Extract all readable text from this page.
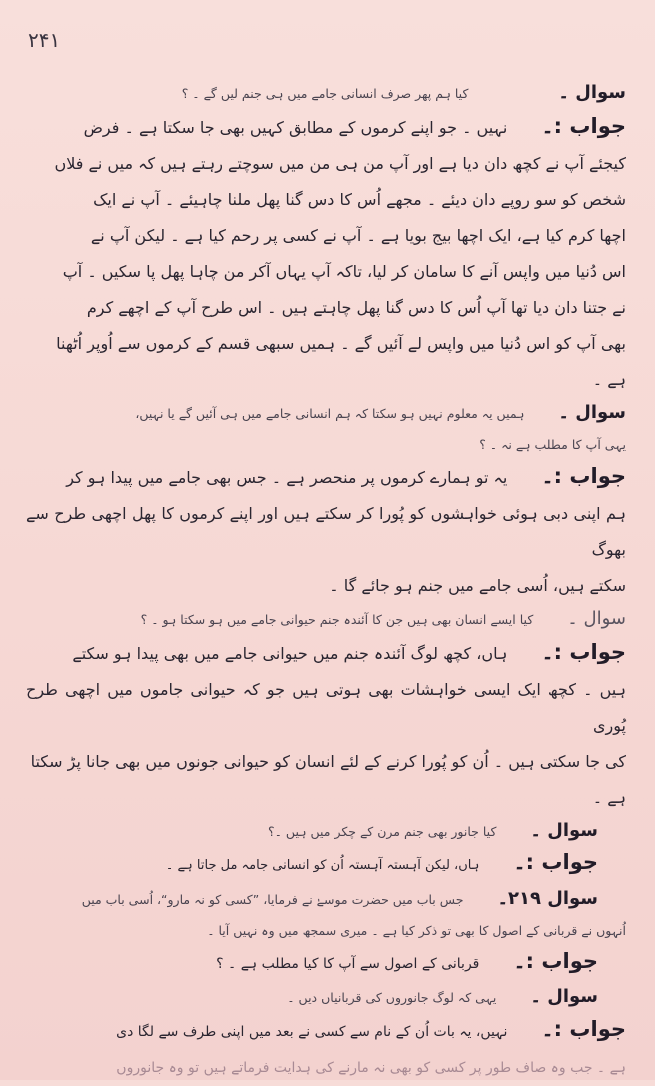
۲۴۱
سوال ۔
کیا ہم پھر صرف انسانی جامے میں ہی جنم لیں گے ۔ ؟
جواب :۔
نہیں ۔ جو اپنے کرموں کے مطابق کہیں بھی جا سکتا ہے ۔ فرض

کیجئے آپ نے کچھ دان دیا ہے اور آپ من ہی من میں سوچتے رہتے ہیں کہ میں نے فلاں

شخص کو سو روپے دان دیئے ۔ مجھے اُس کا دس گنا پھل ملنا چاہیئے ۔ آپ نے ایک

اچھا کرم کیا ہے، ایک اچھا بیج بویا ہے ۔ آپ نے کسی پر رحم کیا ہے ۔ لیکن آپ نے

اس دُنیا میں واپس آنے کا سامان کر لیا، تاکہ آپ یہاں آکر من چاہا پھل پا سکیں ۔ آپ

نے جتنا دان دیا تھا آپ اُس کا دس گنا پھل چاہتے ہیں ۔ اس طرح آپ کے اچھے کرم

بھی آپ کو اس دُنیا میں واپس لے آئیں گے ۔ ہمیں سبھی قسم کے کرموں سے اُوپر اُٹھنا

ہے ۔

سوال ۔
ہمیں یہ معلوم نہیں ہو سکتا کہ ہم انسانی جامے میں ہی آئیں گے یا نہیں،

یہی آپ کا مطلب ہے نہ ۔ ؟

جواب :۔
یہ تو ہمارے کرموں پر منحصر ہے ۔ جس بھی جامے میں پیدا ہو کر

ہم اپنی دبی ہوئی خواہشوں کو پُورا کر سکتے ہیں اور اپنے کرموں کا پھل اچھی طرح سے بھوگ

سکتے ہیں، اُسی جامے میں جنم ہو جائے گا ۔

سوال ۔
کیا ایسے انسان بھی ہیں جن کا آئندہ جنم حیوانی جامے میں ہو سکتا ہو ۔ ؟
جواب :۔
ہاں، کچھ لوگ آئندہ جنم میں حیوانی جامے میں بھی پیدا ہو سکتے

ہیں ۔ کچھ ایک ایسی خواہشات بھی ہوتی ہیں جو کہ حیوانی جاموں میں اچھی طرح پُوری

کی جا سکتی ہیں ۔ اُن کو پُورا کرنے کے لئے انسان کو حیوانی جونوں میں بھی جانا پڑ سکتا

ہے ۔

سوال ۔
کیا جانور بھی جنم مرن کے چکر میں ہیں ۔؟
جواب :۔
ہاں، لیکن آہستہ آہستہ اُن کو انسانی جامہ مل جاتا ہے ۔
سوال ۲۱۹۔
جس باب میں حضرت موسےٰ نے فرمایا، ”کسی کو نہ مارو“، اُسی باب میں

اُنہوں نے قربانی کے اصول کا بھی تو ذکر کیا ہے ۔ میری سمجھ میں وہ نہیں آیا ۔

جواب :۔
قربانی کے اصول سے آپ کا کیا مطلب ہے ۔ ؟
سوال ۔
یہی کہ لوگ جانوروں کی قربانیاں دیں ۔
جواب :۔
نہیں، یہ بات اُن کے نام سے کسی نے بعد میں اپنی طرف سے لگا دی

ہے ۔ جب وہ صاف طور پر کسی کو بھی نہ مارنے کی ہدایت فرماتے ہیں تو وہ جانوروں
